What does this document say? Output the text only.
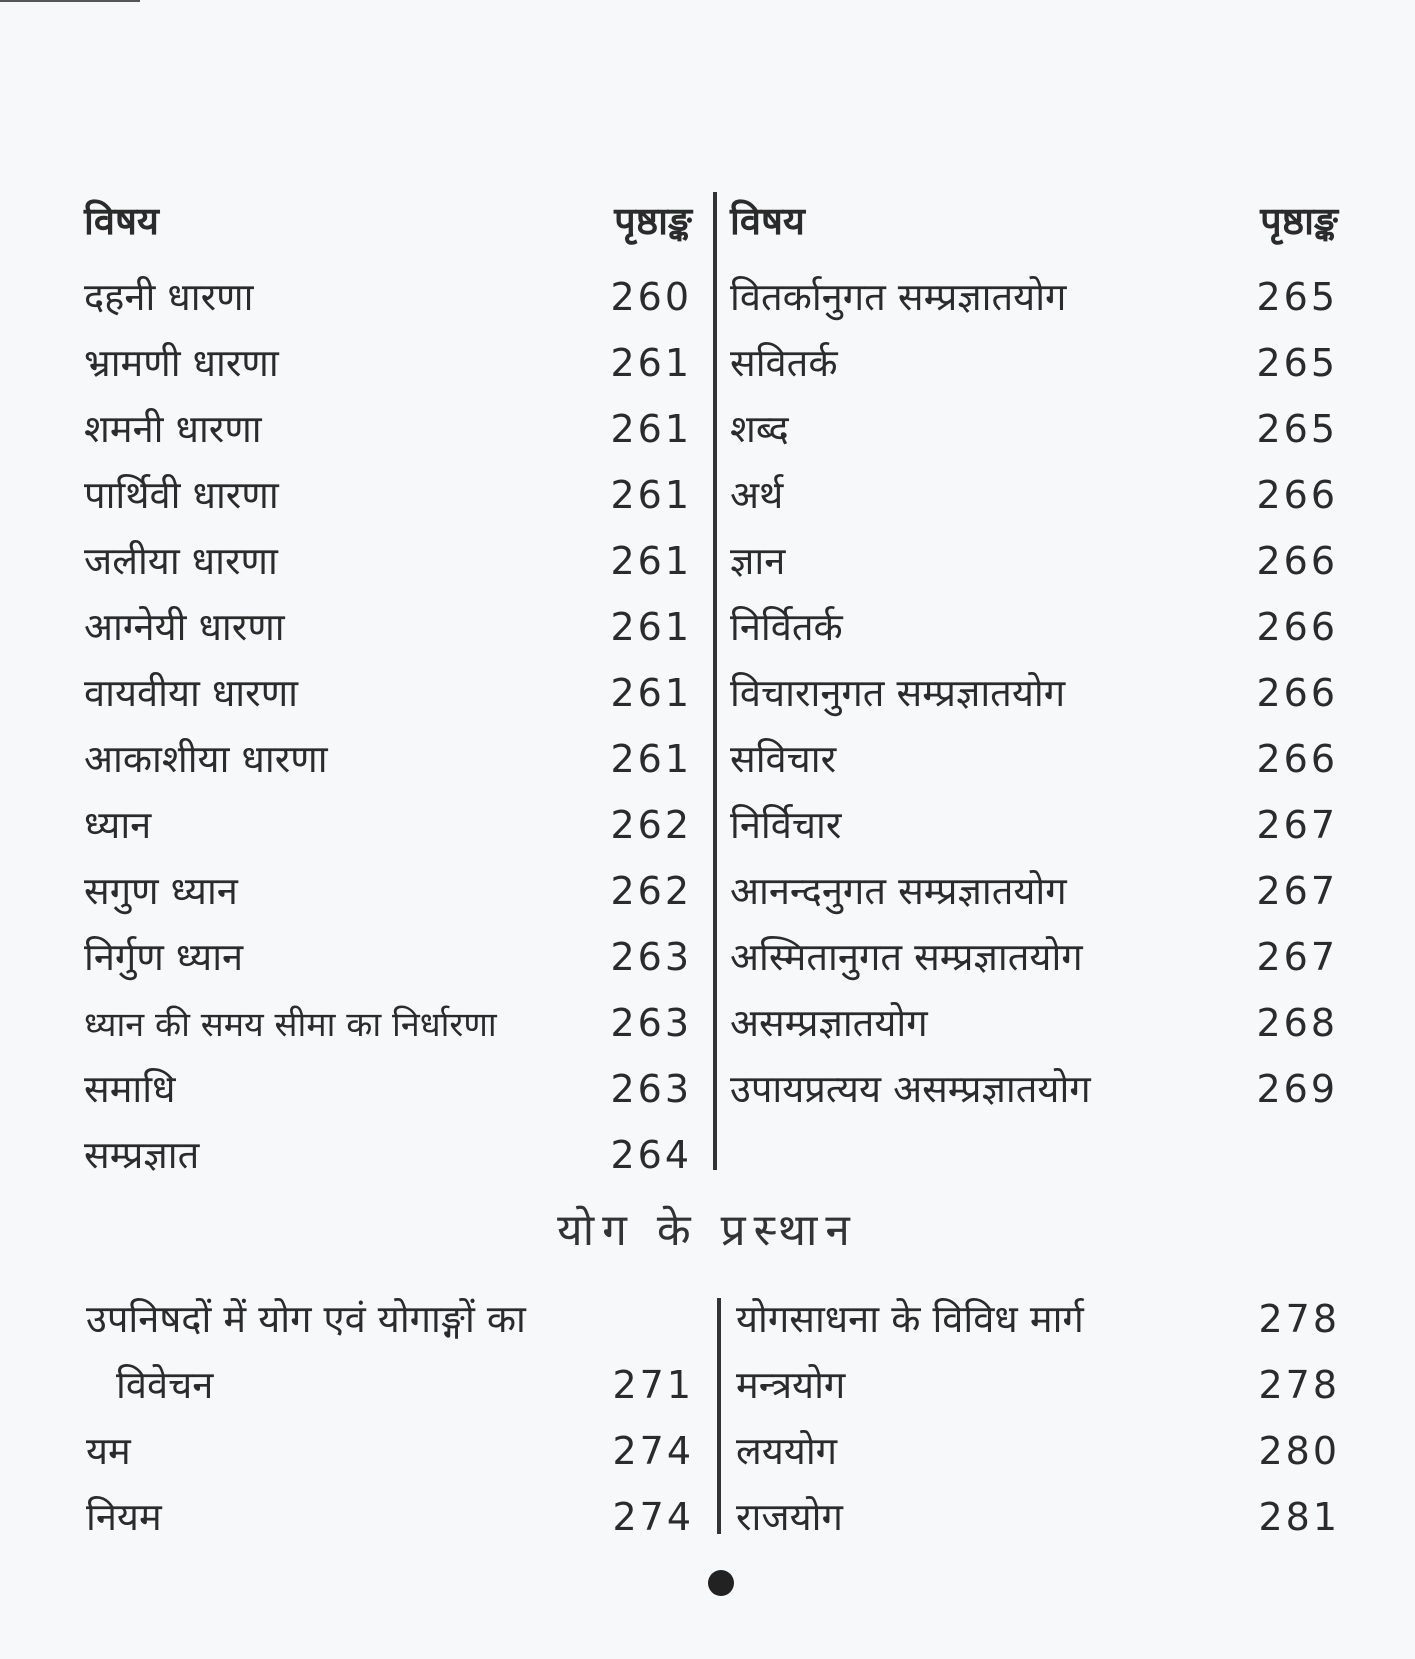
विषय	पृष्ठाङ्क
दहनी धारणा	260
भ्रामणी धारणा	261
शमनी धारणा	261
पार्थिवी धारणा	261
जलीया धारणा	261
आग्नेयी धारणा	261
वायवीया धारणा	261
आकाशीया धारणा	261
ध्यान	262
सगुण ध्यान	262
निर्गुण ध्यान	263
ध्यान की समय सीमा का निर्धारणा	263
समाधि	263
सम्प्रज्ञात	264
विषय	पृष्ठाङ्क
वितर्कानुगत सम्प्रज्ञातयोग	265
सवितर्क	265
शब्द	265
अर्थ	266
ज्ञान	266
निर्वितर्क	266
विचारानुगत सम्प्रज्ञातयोग	266
सविचार	266
निर्विचार	267
आनन्दनुगत सम्प्रज्ञातयोग	267
अस्मितानुगत सम्प्रज्ञातयोग	267
असम्प्रज्ञातयोग	268
उपायप्रत्यय असम्प्रज्ञातयोग	269
योग के प्रस्थान
उपनिषदों में योग एवं योगाङ्गों का
विवेचन	271
यम	274
नियम	274
योगसाधना के विविध मार्ग	278
मन्त्रयोग	278
लययोग	280
राजयोग	281
